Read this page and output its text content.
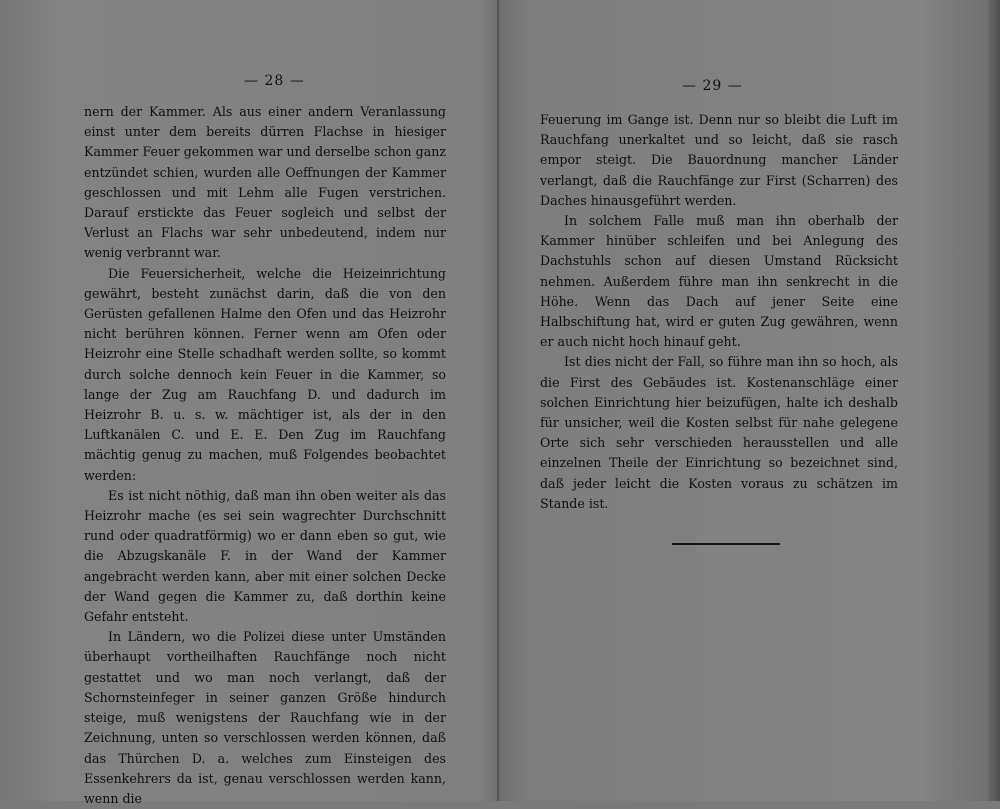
— 28 —

nern der Kammer. Als aus einer andern Veranlassung einst unter dem bereits dürren Flachse in hiesiger Kammer Feuer gekommen war und derselbe schon ganz entzündet schien, wurden alle Oeffnungen der Kammer geschlossen und mit Lehm alle Fugen verstrichen. Darauf erstickte das Feuer sogleich und selbst der Verlust an Flachs war sehr unbedeutend, indem nur wenig verbrannt war.

Die Feuersicherheit, welche die Heizeinrichtung gewährt, besteht zunächst darin, daß die von den Gerüsten gefallenen Halme den Ofen und das Heizrohr nicht berühren können. Ferner wenn am Ofen oder Heizrohr eine Stelle schadhaft werden sollte, so kommt durch solche dennoch kein Feuer in die Kammer, so lange der Zug am Rauchfang D. und dadurch im Heizrohr B. u. s. w. mächtiger ist, als der in den Luftkanälen C. und E. E. Den Zug im Rauchfang mächtig genug zu machen, muß Folgendes beobachtet werden:

Es ist nicht nöthig, daß man ihn oben weiter als das Heizrohr mache (es sei sein wagrechter Durchschnitt rund oder quadratförmig) wo er dann eben so gut, wie die Abzugskanäle F. in der Wand der Kammer angebracht werden kann, aber mit einer solchen Decke der Wand gegen die Kammer zu, daß dorthin keine Gefahr entsteht.

In Ländern, wo die Polizei diese unter Umständen überhaupt vortheilhaften Rauchfänge noch nicht gestattet und wo man noch verlangt, daß der Schornsteinfeger in seiner ganzen Größe hindurch steige, muß wenigstens der Rauchfang wie in der Zeichnung, unten so verschlossen werden können, daß das Thürchen D. a. welches zum Einsteigen des Essenkehrers da ist, genau verschlossen werden kann, wenn die

— 29 —

Feuerung im Gange ist. Denn nur so bleibt die Luft im Rauchfang unerkaltet und so leicht, daß sie rasch empor steigt. Die Bauordnung mancher Länder verlangt, daß die Rauchfänge zur First (Scharren) des Daches hinausgeführt werden.

In solchem Falle muß man ihn oberhalb der Kammer hinüber schleifen und bei Anlegung des Dachstuhls schon auf diesen Umstand Rücksicht nehmen. Außerdem führe man ihn senkrecht in die Höhe. Wenn das Dach auf jener Seite eine Halbschiftung hat, wird er guten Zug gewähren, wenn er auch nicht hoch hinauf geht.

Ist dies nicht der Fall, so führe man ihn so hoch, als die First des Gebäudes ist. Kostenanschläge einer solchen Einrichtung hier beizufügen, halte ich deshalb für unsicher, weil die Kosten selbst für nahe gelegene Orte sich sehr verschieden herausstellen und alle einzelnen Theile der Einrichtung so bezeichnet sind, daß jeder leicht die Kosten voraus zu schätzen im Stande ist.
